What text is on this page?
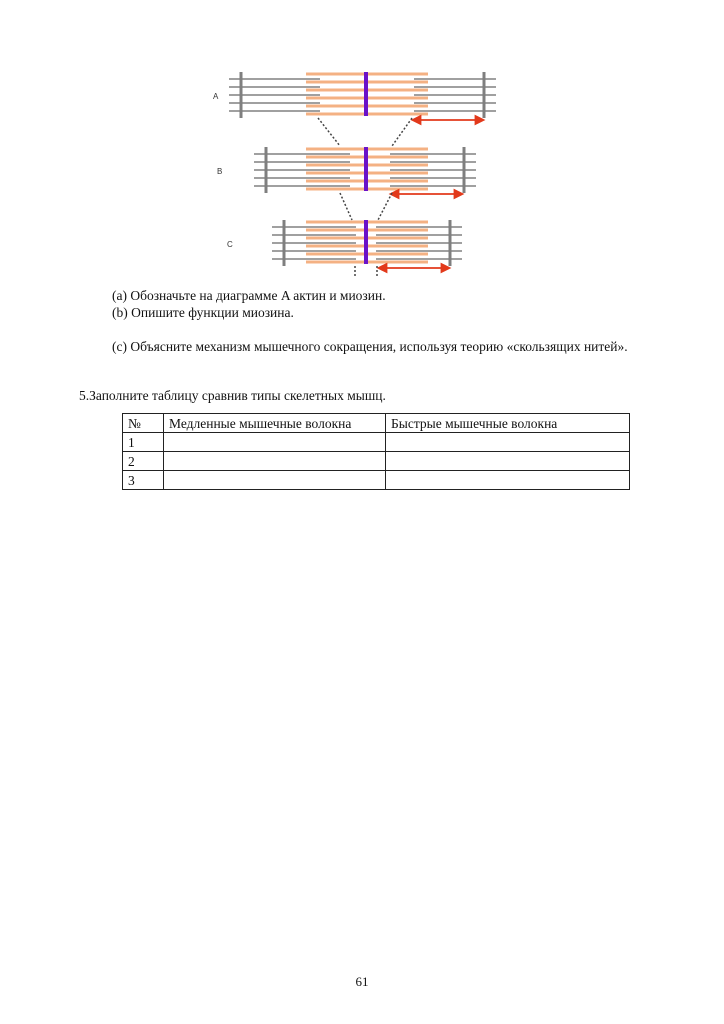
A
B
C
(a) Обозначьте на диаграмме A актин и миозин.
(b) Опишите функции миозина.
(c) Объясните механизм мышечного сокращения, используя теорию «скользящих нитей».
5.Заполните таблицу сравнив типы скелетных мышц.
№	Медленные мышечные волокна	Быстрые мышечные волокна
1		
2		
3		
61
